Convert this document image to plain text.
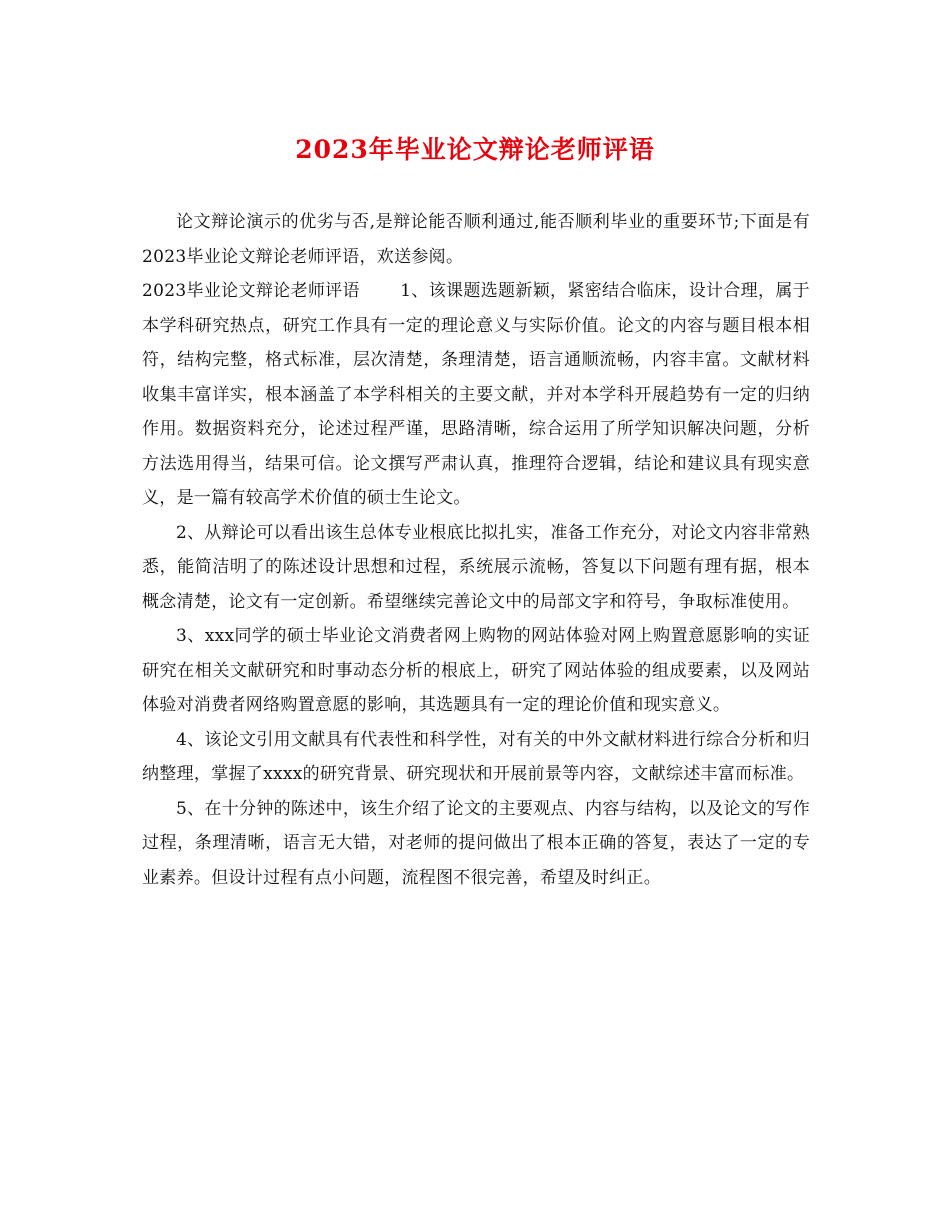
2023年毕业论文辩论老师评语

论文辩论演示的优劣与否,是辩论能否顺利通过,能否顺利毕业的重要环节;下面是有2023毕业论文辩论老师评语，欢送参阅。

2023毕业论文辩论老师评语　　 1、该课题选题新颖，紧密结合临床，设计合理，属于本学科研究热点，研究工作具有一定的理论意义与实际价值。论文的内容与题目根本相符，结构完整，格式标准，层次清楚，条理清楚，语言通顺流畅，内容丰富。文献材料收集丰富详实，根本涵盖了本学科相关的主要文献，并对本学科开展趋势有一定的归纳作用。数据资料充分，论述过程严谨，思路清晰，综合运用了所学知识解决问题，分析方法选用得当，结果可信。论文撰写严肃认真，推理符合逻辑，结论和建议具有现实意义，是一篇有较高学术价值的硕士生论文。

2、从辩论可以看出该生总体专业根底比拟扎实，准备工作充分，对论文内容非常熟悉，能简洁明了的陈述设计思想和过程，系统展示流畅，答复以下问题有理有据，根本概念清楚，论文有一定创新。希望继续完善论文中的局部文字和符号，争取标准使用。

3、xxx同学的硕士毕业论文消费者网上购物的网站体验对网上购置意愿影响的实证研究在相关文献研究和时事动态分析的根底上，研究了网站体验的组成要素，以及网站体验对消费者网络购置意愿的影响，其选题具有一定的理论价值和现实意义。

4、该论文引用文献具有代表性和科学性，对有关的中外文献材料进行综合分析和归纳整理，掌握了xxxx的研究背景、研究现状和开展前景等内容，文献综述丰富而标准。

5、在十分钟的陈述中，该生介绍了论文的主要观点、内容与结构，以及论文的写作过程，条理清晰，语言无大错，对老师的提问做出了根本正确的答复，表达了一定的专业素养。但设计过程有点小问题，流程图不很完善，希望及时纠正。
